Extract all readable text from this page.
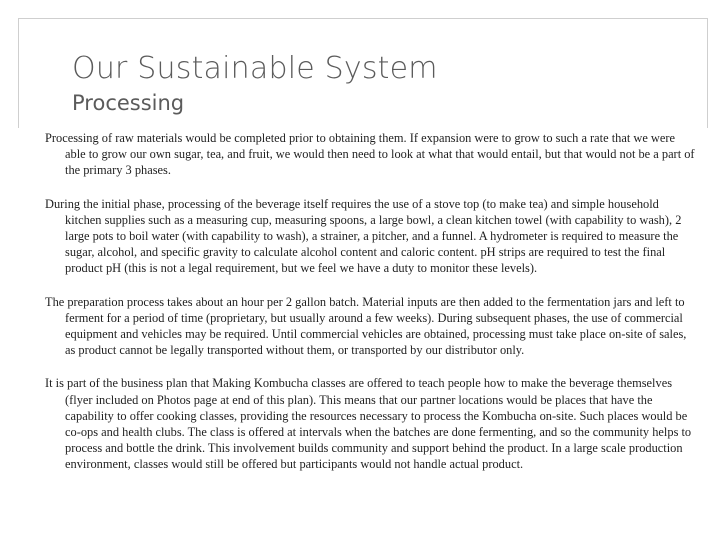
Our Sustainable System
Processing

Processing of raw materials would be completed prior to obtaining them. If expansion were to grow to such a rate that we were able to grow our own sugar, tea, and fruit, we would then need to look at what that would entail, but that would not be a part of the primary 3 phases.

During the initial phase, processing of the beverage itself requires the use of a stove top (to make tea) and simple household kitchen supplies such as a measuring cup, measuring spoons, a large bowl, a clean kitchen towel (with capability to wash), 2 large pots to boil water (with capability to wash), a strainer, a pitcher, and a funnel. A hydrometer is required to measure the sugar, alcohol, and specific gravity to calculate alcohol content and caloric content. pH strips are required to test the final product pH (this is not a legal requirement, but we feel we have a duty to monitor these levels).

The preparation process takes about an hour per 2 gallon batch. Material inputs are then added to the fermentation jars and left to ferment for a period of time (proprietary, but usually around a few weeks). During subsequent phases, the use of commercial equipment and vehicles may be required. Until commercial vehicles are obtained, processing must take place on-site of sales, as product cannot be legally transported without them, or transported by our distributor only.

It is part of the business plan that Making Kombucha classes are offered to teach people how to make the beverage themselves (flyer included on Photos page at end of this plan). This means that our partner locations would be places that have the capability to offer cooking classes, providing the resources necessary to process the Kombucha on-site. Such places would be co-ops and health clubs. The class is offered at intervals when the batches are done fermenting, and so the community helps to process and bottle the drink. This involvement builds community and support behind the product. In a large scale production environment, classes would still be offered but participants would not handle actual product.
